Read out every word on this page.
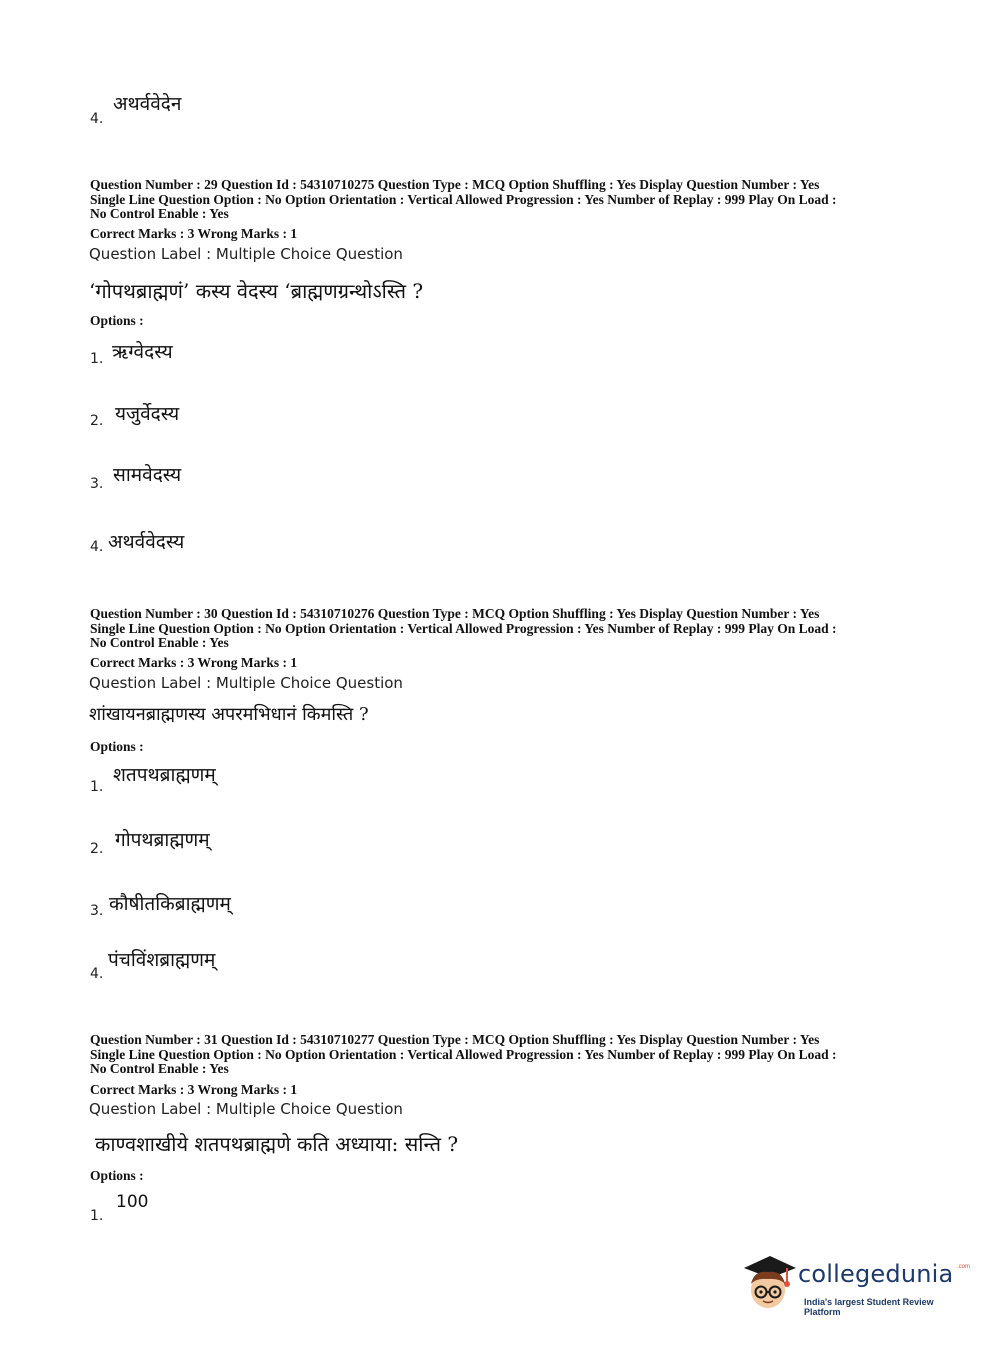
4.
अथर्ववेदेन
Question Number : 29 Question Id : 54310710275 Question Type : MCQ Option Shuffling : Yes Display Question Number : Yes
Single Line Question Option : No Option Orientation : Vertical Allowed Progression : Yes Number of Replay : 999 Play On Load :
No Control Enable : Yes
Correct Marks : 3 Wrong Marks : 1
Question Label : Multiple Choice Question
‘गोपथब्राह्मणं’ कस्य वेदस्य ‘ब्राह्मणग्रन्थोऽस्ति ?
Options :
1. ऋग्वेदस्य
2. यजुर्वेदस्य
3. सामवेदस्य
4. अथर्ववेदस्य
Question Number : 30 Question Id : 54310710276 Question Type : MCQ Option Shuffling : Yes Display Question Number : Yes
Single Line Question Option : No Option Orientation : Vertical Allowed Progression : Yes Number of Replay : 999 Play On Load :
No Control Enable : Yes
Correct Marks : 3 Wrong Marks : 1
Question Label : Multiple Choice Question
शांखायनब्राह्मणस्य अपरमभिधानं किमस्ति ?
Options :
1.
शतपथब्राह्मणम्
2. गोपथब्राह्मणम्
3. कौषीतकिब्राह्मणम्
4.
पंचविंशब्राह्मणम्
Question Number : 31 Question Id : 54310710277 Question Type : MCQ Option Shuffling : Yes Display Question Number : Yes
Single Line Question Option : No Option Orientation : Vertical Allowed Progression : Yes Number of Replay : 999 Play On Load :
No Control Enable : Yes
Correct Marks : 3 Wrong Marks : 1
Question Label : Multiple Choice Question
काण्वशाखीये शतपथब्राह्मणे कति अध्याया: सन्ति ?
Options :
1.
100
collegedunia .com
India's largest Student Review Platform
